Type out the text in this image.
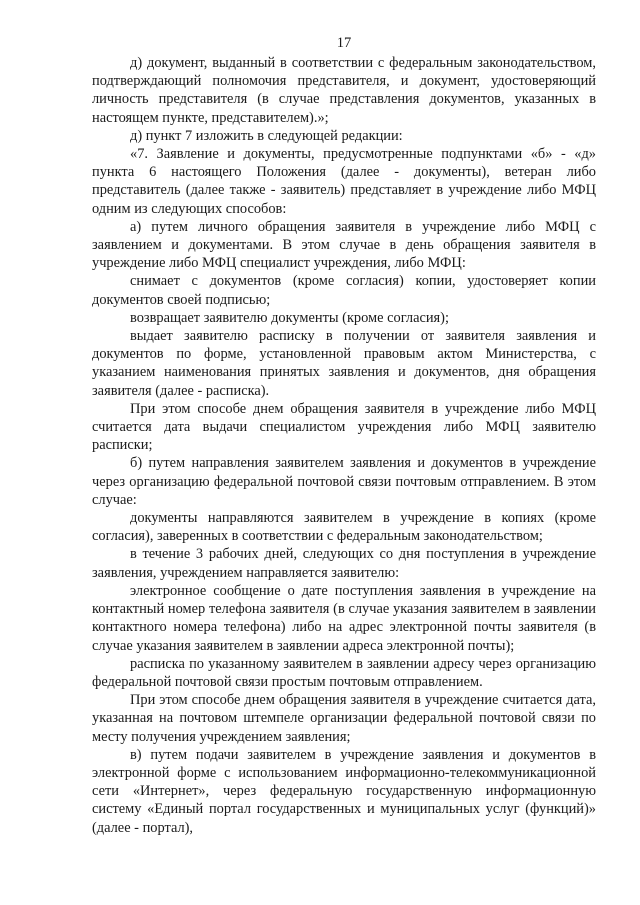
17

д) документ, выданный в соответствии с федеральным законодательством, подтверждающий полномочия представителя, и документ, удостоверяющий личность представителя (в случае представления документов, указанных в настоящем пункте, представителем).»;

д) пункт 7 изложить в следующей редакции:

«7. Заявление и документы, предусмотренные подпунктами «б» - «д» пункта 6 настоящего Положения (далее - документы), ветеран либо представитель (далее также - заявитель) представляет в учреждение либо МФЦ одним из следующих способов:

а) путем личного обращения заявителя в учреждение либо МФЦ с заявлением и документами. В этом случае в день обращения заявителя в учреждение либо МФЦ специалист учреждения, либо МФЦ:

снимает с документов (кроме согласия) копии, удостоверяет копии документов своей подписью;

возвращает заявителю документы (кроме согласия);

выдает заявителю расписку в получении от заявителя заявления и документов по форме, установленной правовым актом Министерства, с указанием наименования принятых заявления и документов, дня обращения заявителя (далее - расписка).

При этом способе днем обращения заявителя в учреждение либо МФЦ считается дата выдачи специалистом учреждения либо МФЦ заявителю расписки;

б) путем направления заявителем заявления и документов в учреждение через организацию федеральной почтовой связи почтовым отправлением. В этом случае:

документы направляются заявителем в учреждение в копиях (кроме согласия), заверенных в соответствии с федеральным законодательством;

в течение 3 рабочих дней, следующих со дня поступления в учреждение заявления, учреждением направляется заявителю:

электронное сообщение о дате поступления заявления в учреждение на контактный номер телефона заявителя (в случае указания заявителем в заявлении контактного номера телефона) либо на адрес электронной почты заявителя (в случае указания заявителем в заявлении адреса электронной почты);

расписка по указанному заявителем в заявлении адресу через организацию федеральной почтовой связи простым почтовым отправлением.

При этом способе днем обращения заявителя в учреждение считается дата, указанная на почтовом штемпеле организации федеральной почтовой связи по месту получения учреждением заявления;

в) путем подачи заявителем в учреждение заявления и документов в электронной форме с использованием информационно-телекоммуникационной сети «Интернет», через федеральную государственную информационную систему «Единый портал государственных и муниципальных услуг (функций)» (далее - портал),
